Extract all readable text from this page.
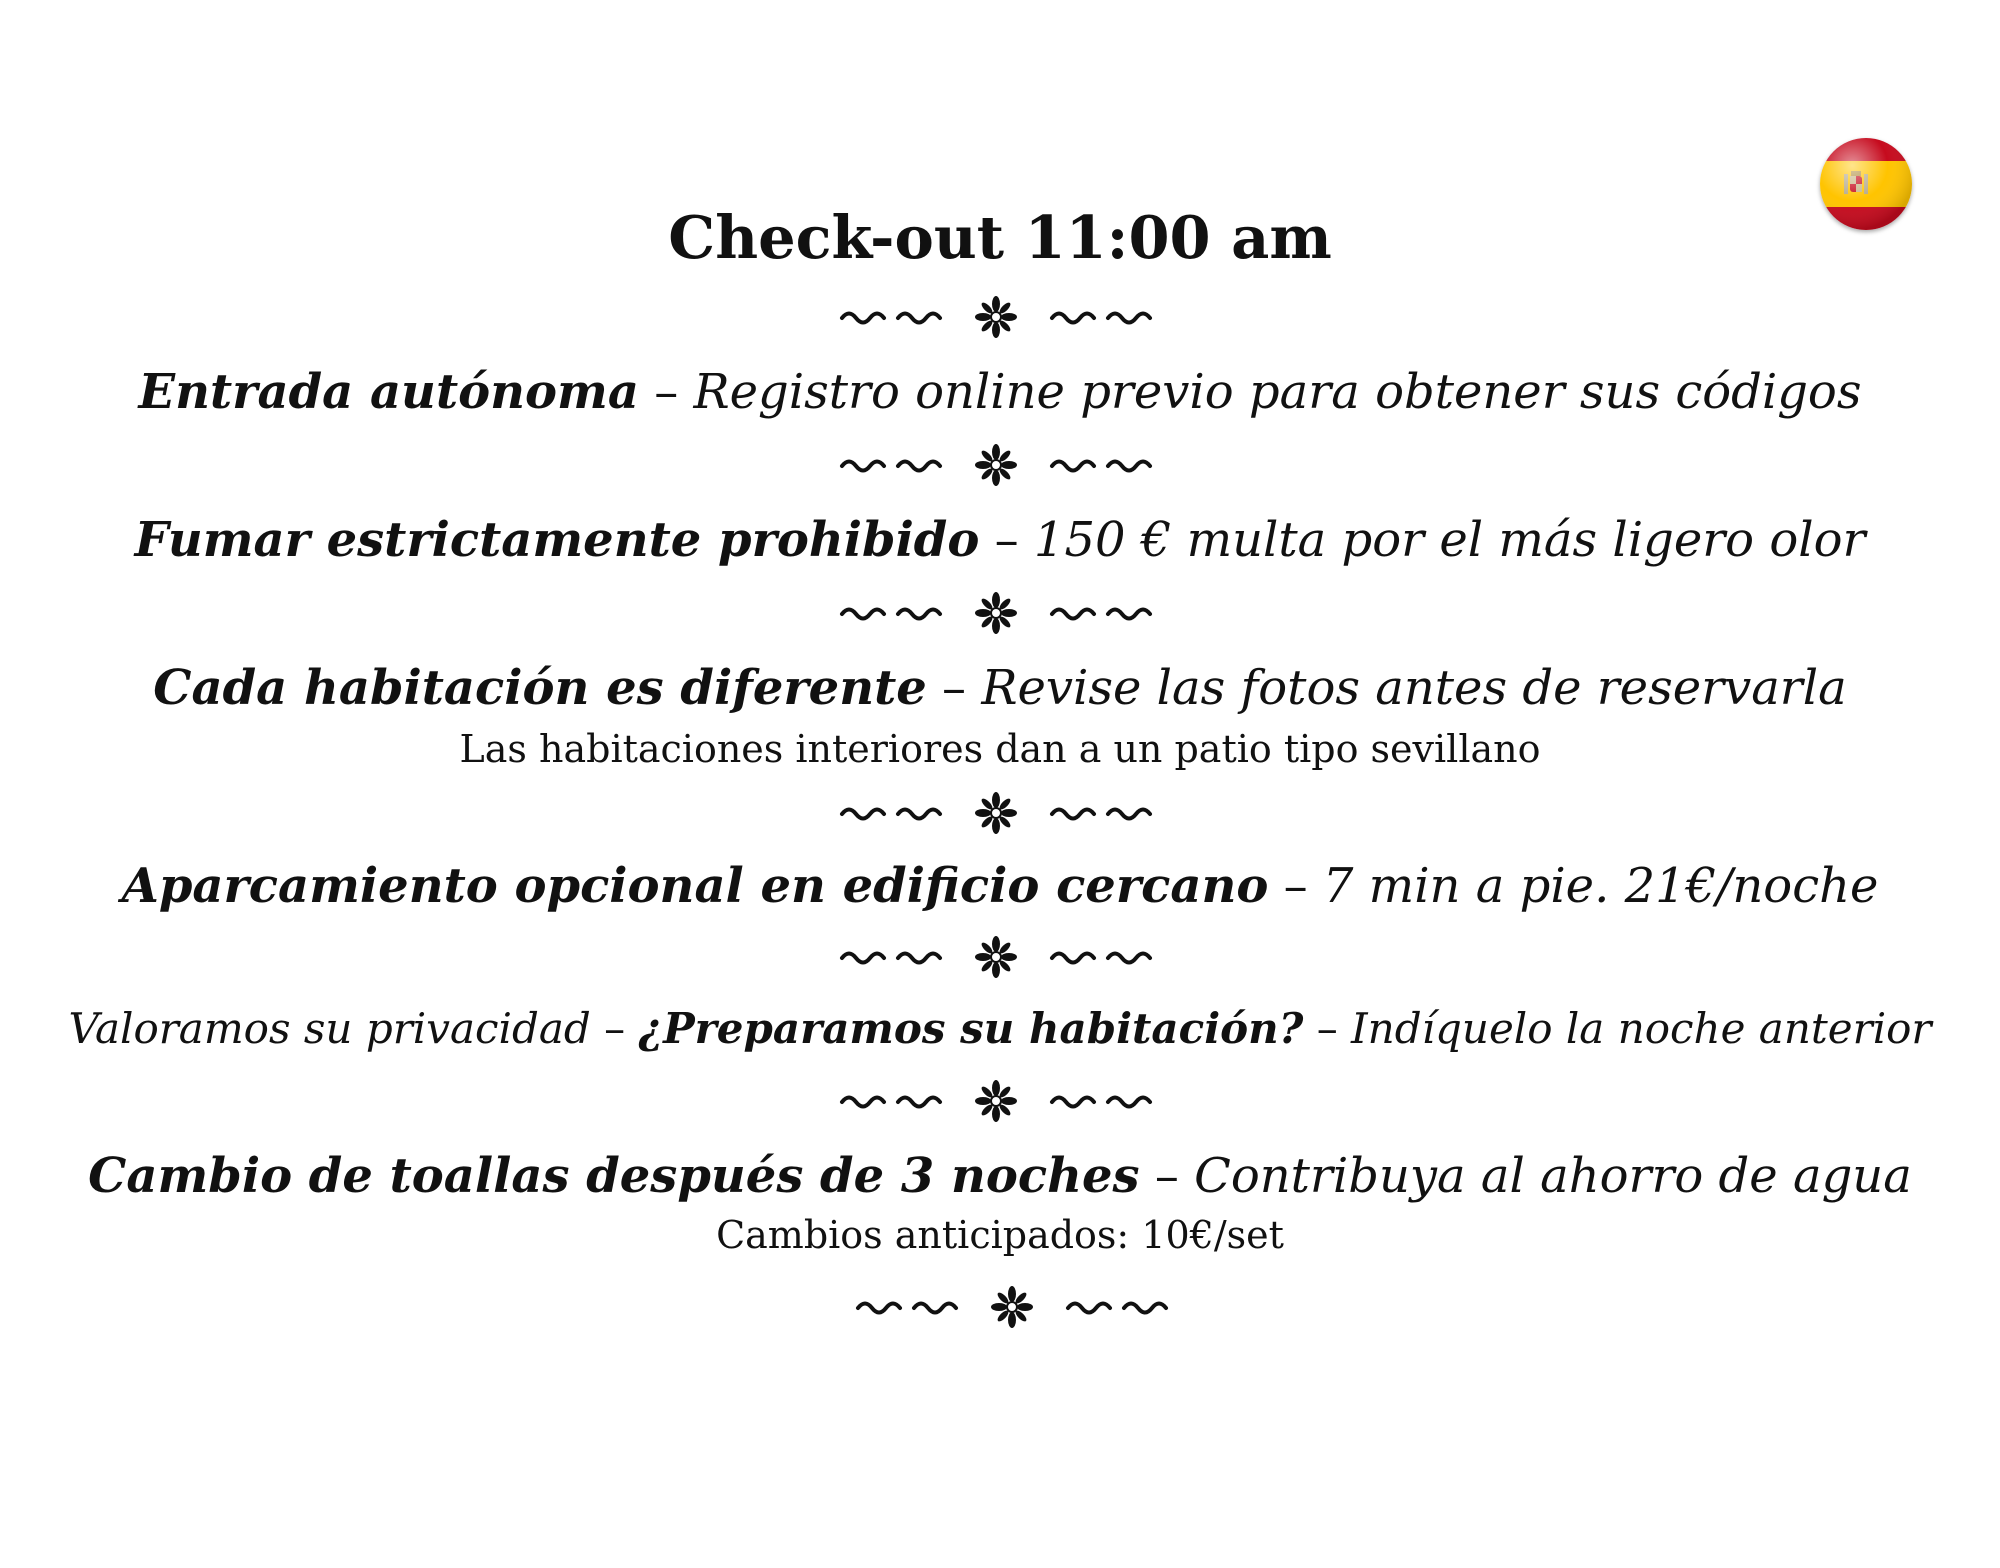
Check-out 11:00 am
Entrada autónoma – Registro online previo para obtener sus códigos
Fumar estrictamente prohibido – 150 € multa por el más ligero olor
Cada habitación es diferente – Revise las fotos antes de reservarla
Las habitaciones interiores dan a un patio tipo sevillano
Aparcamiento opcional en edificio cercano – 7 min a pie. 21€/noche
Valoramos su privacidad – ¿Preparamos su habitación? – Indíquelo la noche anterior
Cambio de toallas después de 3 noches – Contribuya al ahorro de agua
Cambios anticipados: 10€/set
